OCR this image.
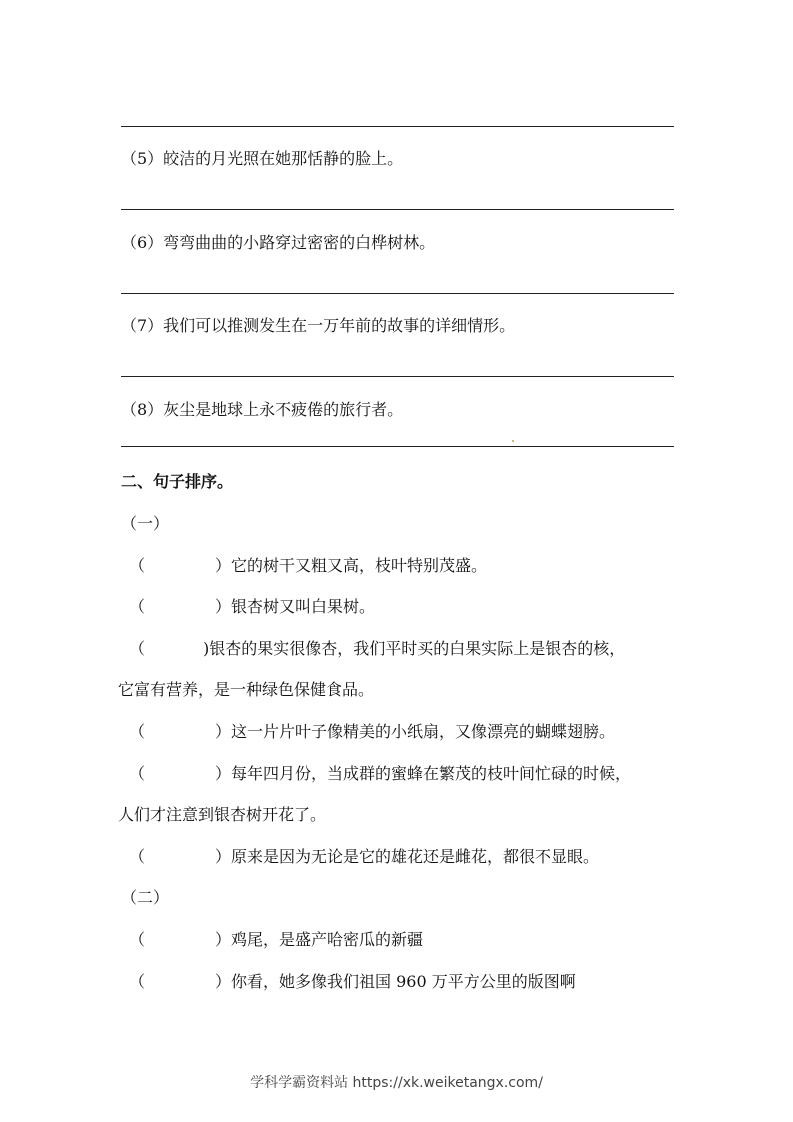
（5）皎洁的月光照在她那恬静的脸上。
（6）弯弯曲曲的小路穿过密密的白桦树林。
（7）我们可以推测发生在一万年前的故事的详细情形。
（8）灰尘是地球上永不疲倦的旅行者。
二、句子排序。
（一）
（	）它的树干又粗又高，枝叶特别茂盛。
（	）银杏树又叫白果树。
（	)银杏的果实很像杏，我们平时买的白果实际上是银杏的核，
它富有营养，是一种绿色保健食品。
（	）这一片片叶子像精美的小纸扇，又像漂亮的蝴蝶翅膀。
（	）每年四月份，当成群的蜜蜂在繁茂的枝叶间忙碌的时候，
人们才注意到银杏树开花了。
（	）原来是因为无论是它的雄花还是雌花，都很不显眼。
（二）
（	）鸡尾，是盛产哈密瓜的新疆
（	）你看，她多像我们祖国 960 万平方公里的版图啊
学科学霸资料站 https://xk.weiketangx.com/
